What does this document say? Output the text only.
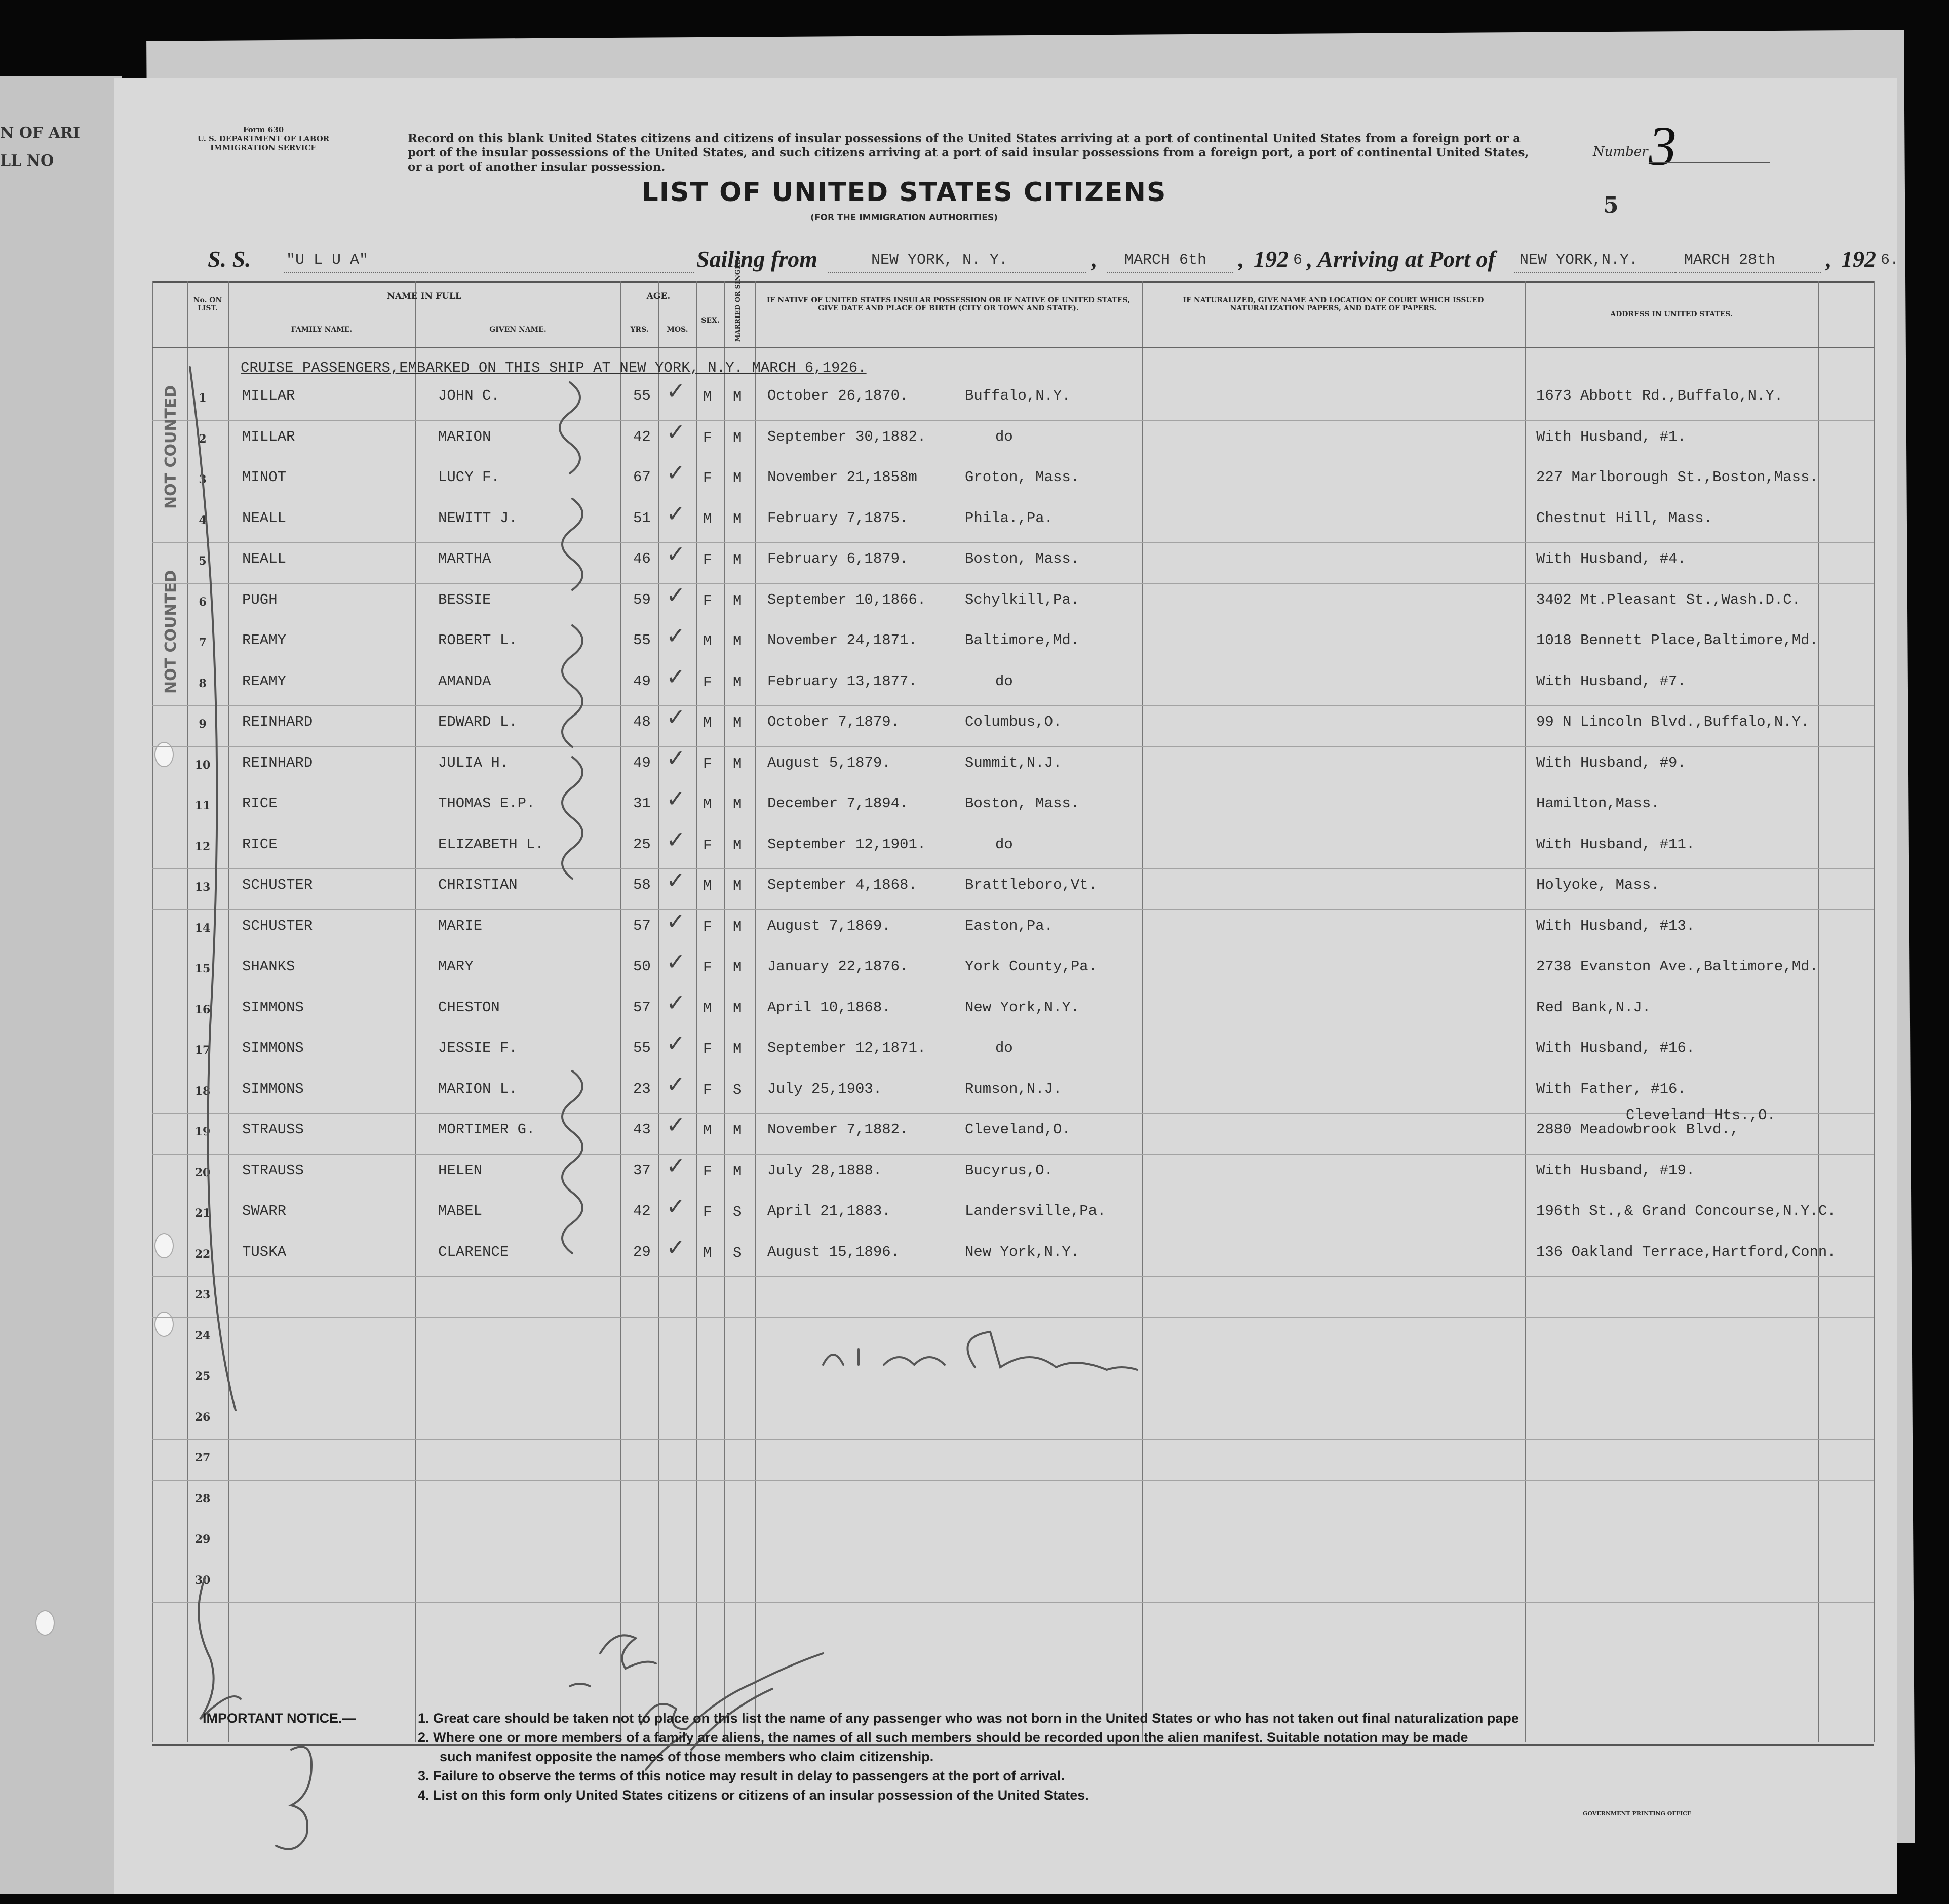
N OF ARI
LL NO
Form 630
U. S. DEPARTMENT OF LABOR
IMMIGRATION SERVICE
Record on this blank United States citizens and citizens of insular possessions of the United States arriving at a port of continental United States from a foreign port or a port of the insular possessions of the United States, and such citizens arriving at a port of said insular possessions from a foreign port, a port of continental United States, or a port of another insular possession.
Number 3
LIST OF UNITED STATES CITIZENS
(FOR THE IMMIGRATION AUTHORITIES)	5
S. S. "U L U A"	Sailing from	NEW YORK, N. Y.	, MARCH 6th , 192 6 , Arriving at Port of NEW YORK,N.Y.	MARCH 28th , 192 6.
No. ON LIST.
NAME IN FULL
FAMILY NAME.	GIVEN NAME.
AGE.
YRS.	MOS.
SEX.	MARRIED OR SINGLE.	IF NATIVE OF UNITED STATES INSULAR POSSESSION OR IF NATIVE OF UNITED STATES, GIVE DATE AND PLACE OF BIRTH (CITY OR TOWN AND STATE).
IF NATURALIZED, GIVE NAME AND LOCATION OF COURT WHICH ISSUED NATURALIZATION PAPERS, AND DATE OF PAPERS.
ADDRESS IN UNITED STATES.
CRUISE PASSENGERS,EMBARKED ON THIS SHIP AT NEW YORK, N.Y. MARCH 6,1926.
1	MILLAR	JOHN C.	55	M M October 26,1870.	Buffalo,N.Y.	1673 Abbott Rd.,Buffalo,N.Y.
✓
2	MILLAR	MARION	42	F M September 30,1882.	do	With Husband, #1.
✓
3	MINOT	LUCY F.	67	F M November 21,1858m	Groton, Mass.	227 Marlborough St.,Boston,Mass.
✓
4	NEALL	NEWITT J.	51	M M February 7,1875.	Phila.,Pa.	Chestnut Hill, Mass.
✓
5	NEALL	MARTHA	46	F M February 6,1879.	Boston, Mass.	With Husband, #4.
✓
6	PUGH	BESSIE	59	F M September 10,1866.	Schylkill,Pa.	3402 Mt.Pleasant St.,Wash.D.C.
✓
7	REAMY	ROBERT L.	55	M M November 24,1871.	Baltimore,Md.	1018 Bennett Place,Baltimore,Md.
✓
8	REAMY	AMANDA	49	F M February 13,1877.	do	With Husband, #7.
✓
9	REINHARD	EDWARD L.	48	M M October 7,1879.	Columbus,O.	99 N Lincoln Blvd.,Buffalo,N.Y.
✓
10	REINHARD	JULIA H.	49	F M August 5,1879.	Summit,N.J.	With Husband, #9.
✓
11	RICE	THOMAS E.P.	31	M M December 7,1894.	Boston, Mass.	Hamilton,Mass.
✓
12	RICE	ELIZABETH L.	25	F M September 12,1901.	do	With Husband, #11.
✓
13	SCHUSTER	CHRISTIAN	58	M M September 4,1868.	Brattleboro,Vt.	Holyoke, Mass.
✓
14	SCHUSTER	MARIE	57	F M August 7,1869.	Easton,Pa.	With Husband, #13.
✓
15	SHANKS	MARY	50	F M January 22,1876.	York County,Pa.	2738 Evanston Ave.,Baltimore,Md.
✓
16	SIMMONS	CHESTON	57	M M April 10,1868.	New York,N.Y.	Red Bank,N.J.
✓
17	SIMMONS	JESSIE F.	55	F M September 12,1871.	do	With Husband, #16.
✓
18	SIMMONS	MARION L.	23	F S July 25,1903.	Rumson,N.J.	With Father, #16.
✓
19	STRAUSS	MORTIMER G.	43	M M November 7,1882.	Cleveland,O.	2880 Meadowbrook Blvd.,
Cleveland Hts.,O.
✓
20	STRAUSS	HELEN	37	F M July 28,1888.	Bucyrus,O.	With Husband, #19.
✓
21	SWARR	MABEL	42	F S April 21,1883.	Landersville,Pa.	196th St.,& Grand Concourse,N.Y.C.
✓
22	TUSKA	CLARENCE	29	M S August 15,1896.	New York,N.Y.	136 Oakland Terrace,Hartford,Conn.
✓
23
24
25
26
27
28
29
30
NOT COUNTED
NOT COUNTED
IMPORTANT NOTICE.—	1. Great care should be taken not to place on this list the name of any passenger who was not born in the United States or who has not taken out final naturalization pape
2. Where one or more members of a family are aliens, the names of all such members should be recorded upon the alien manifest. Suitable notation may be made
such manifest opposite the names of those members who claim citizenship.
3. Failure to observe the terms of this notice may result in delay to passengers at the port of arrival.
4. List on this form only United States citizens or citizens of an insular possession of the United States.
GOVERNMENT PRINTING OFFICE
